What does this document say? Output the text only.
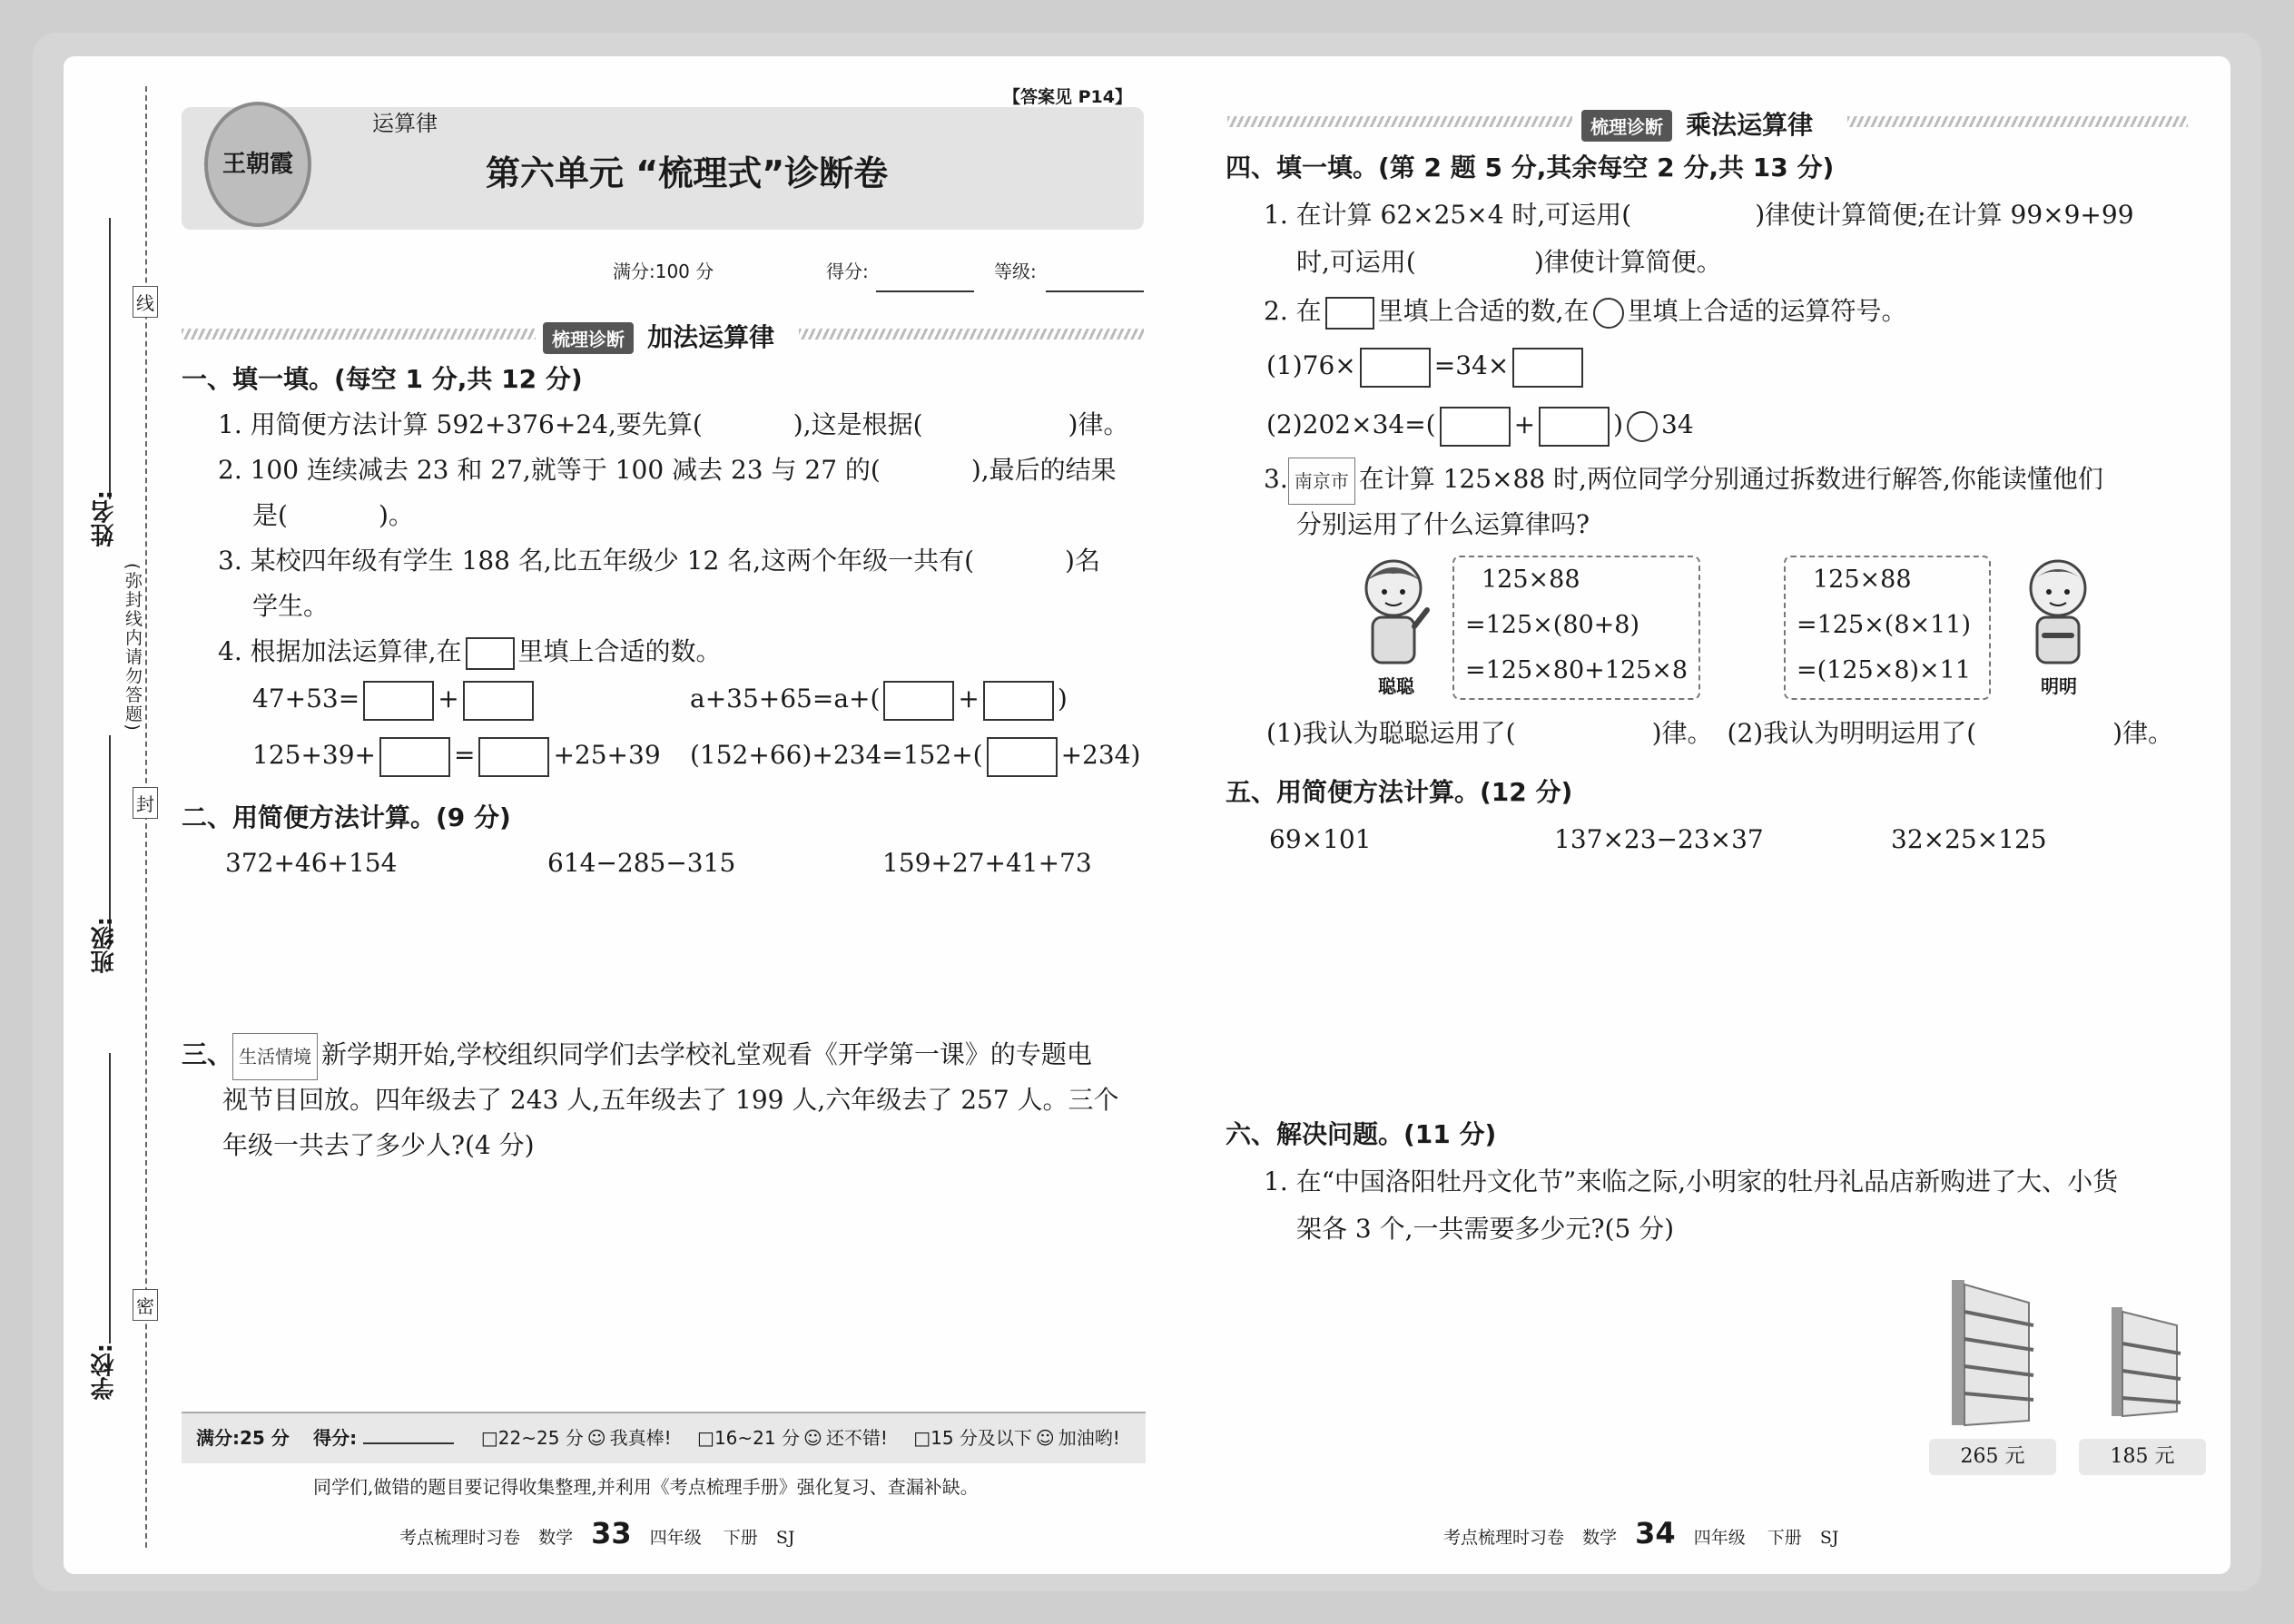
姓名:
班级:
学校:
线
封
密
(弥封线内请勿答题)
王朝霞
运算律
【答案见 P14】
第六单元 “梳理式”诊断卷
满分:100 分	得分:	等级:
梳理诊断 加法运算律
一、填一填。(每空 1 分,共 12 分)
1. 用简便方法计算 592+376+24,要先算(	),这是根据(	)律。
2. 100 连续减去 23 和 27,就等于 100 减去 23 与 27 的(	),最后的结果
是(	)。
3. 某校四年级有学生 188 名,比五年级少 12 名,这两个年级一共有(	)名
学生。
4. 根据加法运算律,在 里填上合适的数。
47+53=	+	a+35+65=a+(	+	)
125+39+	=	+25+39 (152+66)+234=152+(	+234)
二、用简便方法计算。(9 分)
372+46+154	614−285−315	159+27+41+73
三、 生活情境 新学期开始,学校组织同学们去学校礼堂观看《开学第一课》的专题电
视节目回放。四年级去了 243 人,五年级去了 199 人,六年级去了 257 人。三个
年级一共去了多少人?(4 分)
满分:25 分 得分:	□22~25 分 ☺ 我真棒! □16~21 分 ☺ 还不错! □15 分及以下 ☺ 加油哟!
同学们,做错的题目要记得收集整理,并利用《考点梳理手册》强化复习、查漏补缺。
考点梳理时习卷 数学 33 四年级 下册 SJ
梳理诊断 乘法运算律
四、填一填。(第 2 题 5 分,其余每空 2 分,共 13 分)
1. 在计算 62×25×4 时,可运用(	)律使计算简便;在计算 99×9+99
时,可运用(	)律使计算简便。
2. 在 里填上合适的数,在 里填上合适的运算符号。
(1)76×	=34×
(2)202×34=(	+	) 34
3. 南京市 在计算 125×88 时,两位同学分别通过拆数进行解答,你能读懂他们
分别运用了什么运算律吗?
聪聪
125×88
=125×(80+8)
=125×80+125×8
125×88
=125×(8×11)
=(125×8)×11
明明
(1)我认为聪聪运用了(	)律。 (2)我认为明明运用了(	)律。
五、用简便方法计算。(12 分)
69×101	137×23−23×37	32×25×125
六、解决问题。(11 分)
1. 在“中国洛阳牡丹文化节”来临之际,小明家的牡丹礼品店新购进了大、小货
架各 3 个,一共需要多少元?(5 分)
265 元	185 元
考点梳理时习卷 数学 34 四年级 下册 SJ
